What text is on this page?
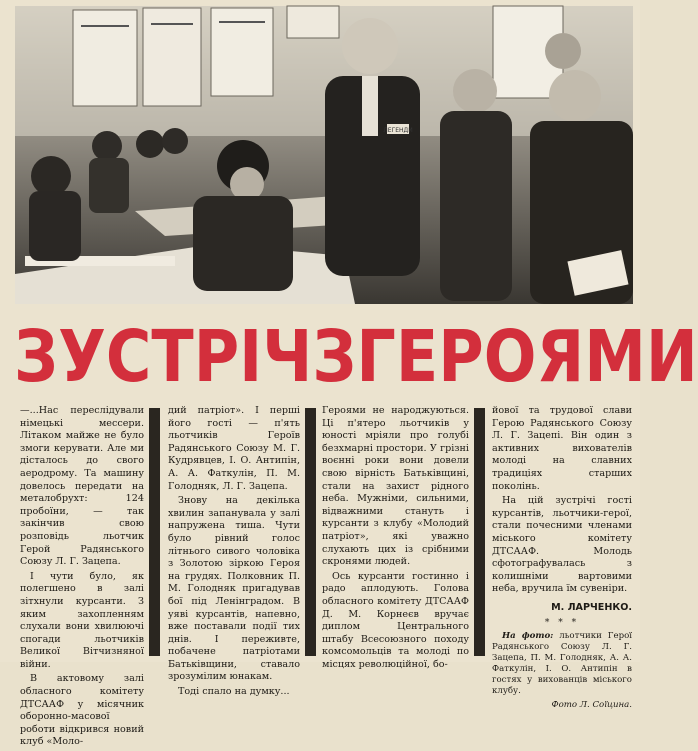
ЛЕГЕНДИ
З У С Т Р І Ч З Г Е Р О Я М И

—...Нас переслідували німецькі мессери. Літаком майже не було змоги керувати. Але ми дісталось до свого аеродрому. Та машину довелось передати на металобрухт: 124 пробоїни, — так закінчив свою розповідь льотчик Герой Радянського Союзу Л. Г. Зацепа.

І чути було, як полегшено в залі зітхнули курсанти. З яким захопленням слухали вони хвилюючі спогади льотчиків Великої Вітчизняної війни.

В актовому залі обласного комітету ДТСААФ у місячник оборонно-масової роботи відкрився новий клуб «Моло-

дий патріот». І перші його гості — п'ять льотчиків Героїв Радянського Союзу М. Г. Кудрявцев, І. О. Антипін, А. А. Фаткулін, П. М. Голодняк, Л. Г. Зацепа.

Знову на декілька хвилин запанувала у залі напружена тиша. Чути було рівний голос літнього сивого чоловіка з Золотою зіркою Героя на грудях. Полковник П. М. Голодняк пригадував бої під Ленінградом. В уяві курсантів, напевно, вже поставали події тих днів. І переживте, побачене патріотами Батьківщини, ставало зрозумілим юнакам.

Тоді спало на думку...

Героями не народжуються. Ці п'ятеро льотчиків у юності мріяли про голубі безхмарні простори. У грізні воєнні роки вони довели свою вірність Батьківщині, стали на захист рідного неба. Мужніми, сильними, відважними стануть і курсанти з клубу «Молодий патріот», які уважно слухають цих із срібними скронями людей.

Ось курсанти гостинно і радо аплодують. Голова обласного комітету ДТСААФ Д. М. Корнеєв вручає диплом Центрального штабу Всесоюзного походу комсомольців та молоді по місцях революційної, бо-

йової та трудової слави Герою Радянського Союзу Л. Г. Зацепі. Він один з активних вихователів молоді на славних традиціях старших поколінь.

На цій зустрічі гості курсантів, льотчики-герої, стали почесними членами міського комітету ДТСААФ. Молодь сфотографувалась з колишніми вартовими неба, вручила їм сувеніри.

М. ЛАРЧЕНКО.
* * *

На фото: льотчики Герої Радянського Союзу Л. Г. Зацепа, П. М. Голодняк, А. А. Фаткулін, І. О. Антипін в гостях у вихованців міського клубу.

Фото Л. Соїцина.
